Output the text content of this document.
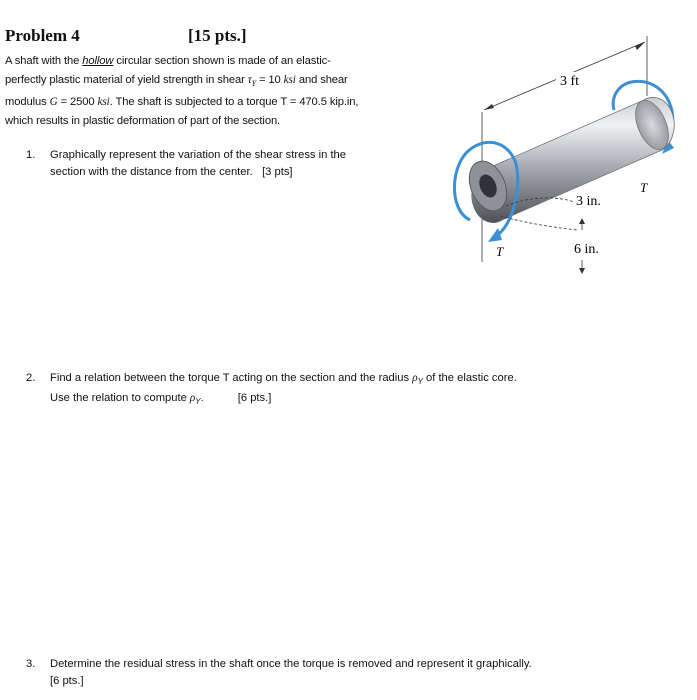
Problem 4	[15 pts.]
A shaft with the hollow circular section shown is made of an elastic-
perfectly plastic material of yield strength in shear $\tau_Y = 10$ ksi and shear
modulus G = 2500 ksi. The shaft is subjected to a torque T = 470.5 kip.in,
which results in plastic deformation of part of the section.
1. Graphically represent the variation of the shear stress in the
section with the distance from the center. [3 pts]
2. Find a relation between the torque T acting on the section and the radius $\rho_Y$ of the elastic core.
Use the relation to compute $\rho_Y$.	[6 pts.]
3. Determine the residual stress in the shaft once the torque is removed and represent it graphically.
[6 pts.]
3 ft
3 in.
6 in.
T
T
